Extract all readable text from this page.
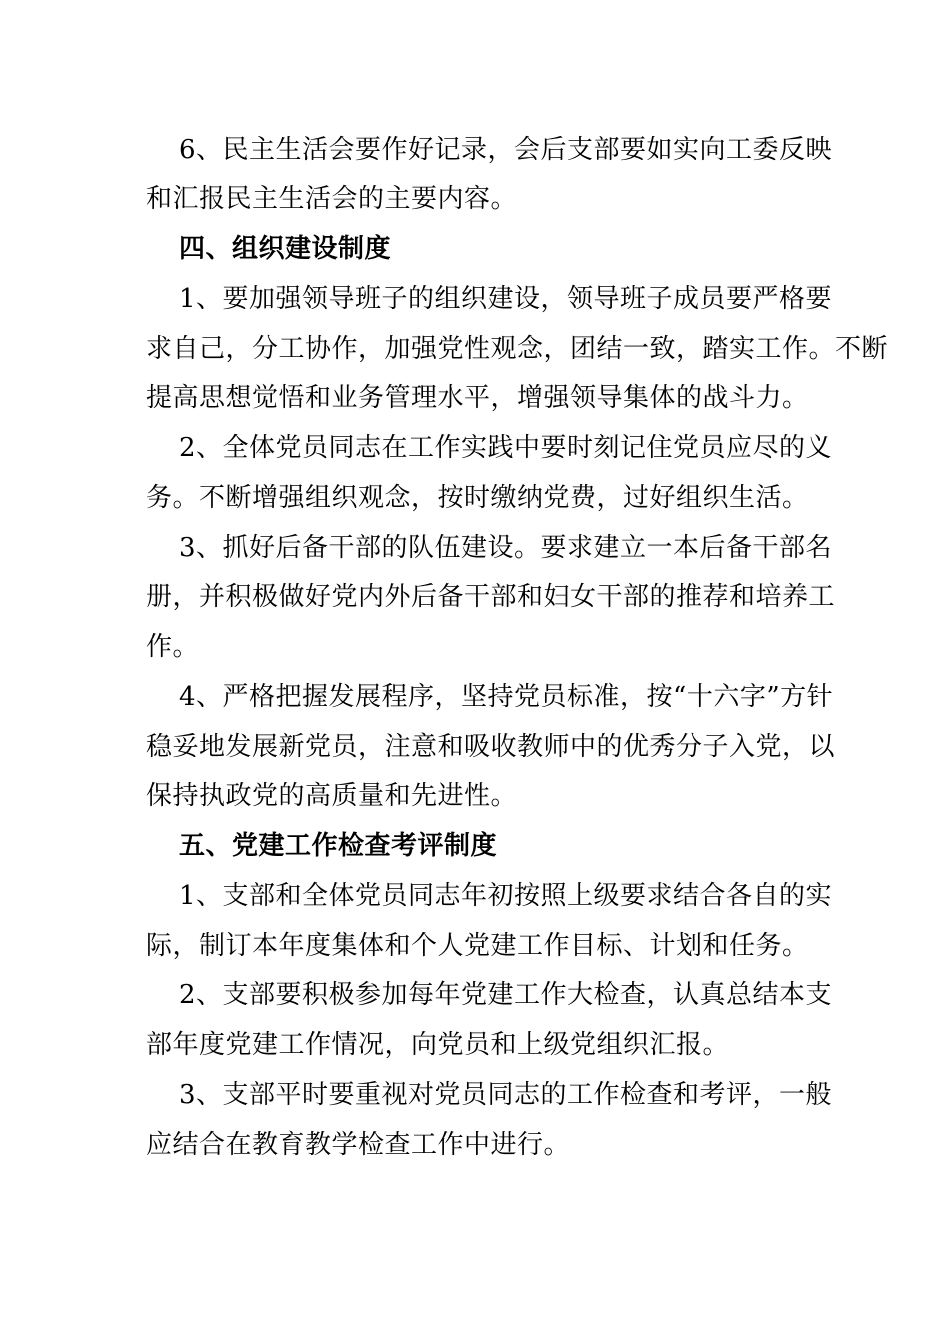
6、民主生活会要作好记录，会后支部要如实向工委反映
和汇报民主生活会的主要内容。
四、组织建设制度
1、要加强领导班子的组织建设，领导班子成员要严格要
求自己，分工协作，加强党性观念，团结一致，踏实工作。不断
提高思想觉悟和业务管理水平，增强领导集体的战斗力。
2、全体党员同志在工作实践中要时刻记住党员应尽的义
务。不断增强组织观念，按时缴纳党费，过好组织生活。
3、抓好后备干部的队伍建设。要求建立一本后备干部名
册，并积极做好党内外后备干部和妇女干部的推荐和培养工
作。
4、严格把握发展程序，坚持党员标准，按“十六字”方针
稳妥地发展新党员，注意和吸收教师中的优秀分子入党，以
保持执政党的高质量和先进性。
五、党建工作检查考评制度
1、支部和全体党员同志年初按照上级要求结合各自的实
际，制订本年度集体和个人党建工作目标、计划和任务。
2、支部要积极参加每年党建工作大检查，认真总结本支
部年度党建工作情况，向党员和上级党组织汇报。
3、支部平时要重视对党员同志的工作检查和考评，一般
应结合在教育教学检查工作中进行。
